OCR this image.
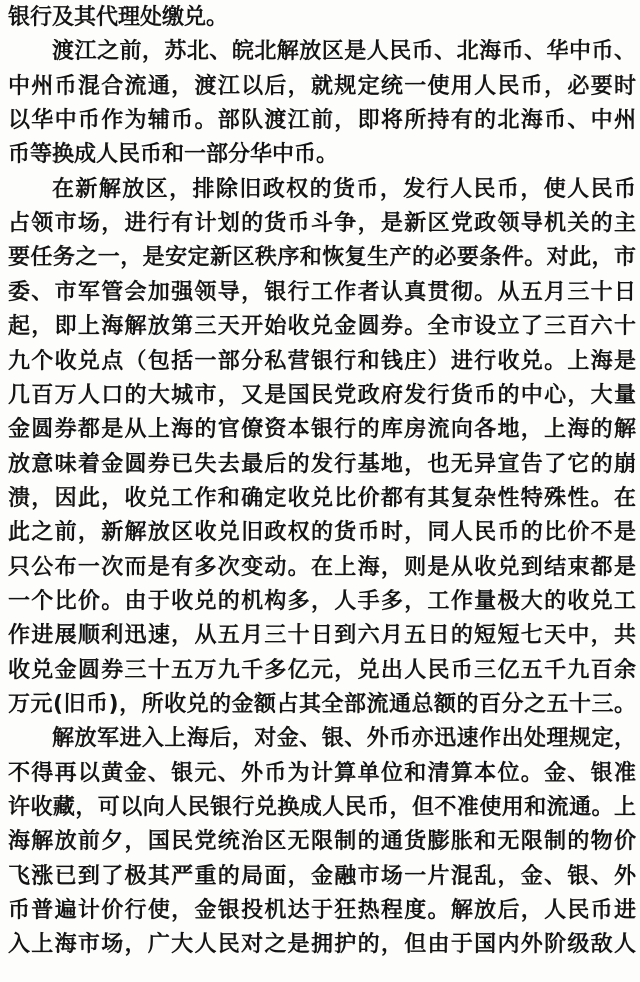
银行及其代理处缴兑。
渡江之前，苏北、皖北解放区是人民币、北海币、华中币、
中州币混合流通，渡江以后，就规定统一使用人民币，必要时
以华中币作为辅币。部队渡江前，即将所持有的北海币、中州
币等换成人民币和一部分华中币。
在新解放区，排除旧政权的货币，发行人民币，使人民币
占领市场，进行有计划的货币斗争，是新区党政领导机关的主
要任务之一，是安定新区秩序和恢复生产的必要条件。对此，市
委、市军管会加强领导，银行工作者认真贯彻。从五月三十日
起，即上海解放第三天开始收兑金圆券。全市设立了三百六十
九个收兑点（包括一部分私营银行和钱庄）进行收兑。上海是
几百万人口的大城市，又是国民党政府发行货币的中心，大量
金圆券都是从上海的官僚资本银行的库房流向各地，上海的解
放意味着金圆券已失去最后的发行基地，也无异宣告了它的崩
溃，因此，收兑工作和确定收兑比价都有其复杂性特殊性。在
此之前，新解放区收兑旧政权的货币时，同人民币的比价不是
只公布一次而是有多次变动。在上海，则是从收兑到结束都是
一个比价。由于收兑的机构多，人手多，工作量极大的收兑工
作进展顺利迅速，从五月三十日到六月五日的短短七天中，共
收兑金圆券三十五万九千多亿元，兑出人民币三亿五千九百余
万元(旧币)，所收兑的金额占其全部流通总额的百分之五十三。
解放军进入上海后，对金、银、外币亦迅速作出处理规定，
不得再以黄金、银元、外币为计算单位和清算本位。金、银准
许收藏，可以向人民银行兑换成人民币，但不准使用和流通。上
海解放前夕，国民党统治区无限制的通货膨胀和无限制的物价
飞涨已到了极其严重的局面，金融市场一片混乱，金、银、外
币普遍计价行使，金银投机达于狂热程度。解放后，人民币进
入上海市场，广大人民对之是拥护的，但由于国内外阶级敌人
